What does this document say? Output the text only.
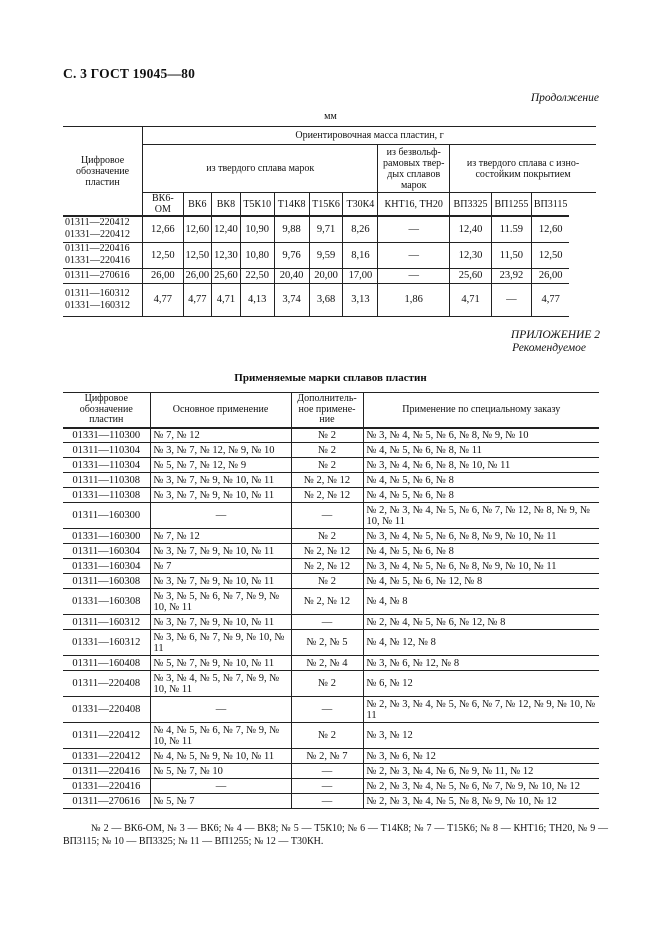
С. 3 ГОСТ 19045—80
Продолжение
мм
Цифровое обозначение пластин	Ориентировочная масса пластин, г										
	из твердого сплава марок							из безвольф-рамовых твер-дых сплавов марок	из твердого сплава с изно-состойким покрытием		
	ВК6-ОМ	ВК6	ВК8	Т5К10	Т14К8	Т15К6	Т30К4	КНТ16, ТН20	ВП3325	ВП1255	ВП3115
01311—220412
01331—220412	12,66	12,60	12,40	10,90	9,88	9,71	8,26	—	12,40	11.59	12,60
01311—220416
01331—220416	12,50	12,50	12,30	10,80	9,76	9,59	8,16	—	12,30	11,50	12,50
01311—270616	26,00	26,00	25,60	22,50	20,40	20,00	17,00	—	25,60	23,92	26,00
01311—160312
01331—160312	4,77	4,77	4,71	4,13	3,74	3,68	3,13	1,86	4,71	—	4,77
ПРИЛОЖЕНИЕ 2
Рекомендуемое
Применяемые марки сплавов пластин
Цифровое обозначение пластин	Основное применение	Дополнитель-ное примене-ние	Применение по специальному заказу
01331—110300	№ 7, № 12	№ 2	№ 3, № 4, № 5, № 6, № 8, № 9, № 10
01311—110304	№ 3, № 7, № 12, № 9, № 10	№ 2	№ 4, № 5, № 6, № 8, № 11
01331—110304	№ 5, № 7, № 12, № 9	№ 2	№ 3, № 4, № 6, № 8, № 10, № 11
01311—110308	№ 3, № 7, № 9, № 10, № 11	№ 2, № 12	№ 4, № 5, № 6, № 8
01331—110308	№ 3, № 7, № 9, № 10, № 11	№ 2, № 12	№ 4, № 5, № 6, № 8
01311—160300	—	—	№ 2, № 3, № 4, № 5, № 6, № 7, № 12, № 8, № 9, № 10, № 11
01331—160300	№ 7, № 12	№ 2	№ 3, № 4, № 5, № 6, № 8, № 9, № 10, № 11
01311—160304	№ 3, № 7, № 9, № 10, № 11	№ 2, № 12	№ 4, № 5, № 6, № 8
01331—160304	№ 7	№ 2, № 12	№ 3, № 4, № 5, № 6, № 8, № 9, № 10, № 11
01311—160308	№ 3, № 7, № 9, № 10, № 11	№ 2	№ 4, № 5, № 6, № 12, № 8
01331—160308	№ 3, № 5, № 6, № 7, № 9, № 10, № 11	№ 2, № 12	№ 4, № 8
01311—160312	№ 3, № 7, № 9, № 10, № 11	—	№ 2, № 4, № 5, № 6, № 12, № 8
01331—160312	№ 3, № 6, № 7, № 9, № 10, № 11	№ 2, № 5	№ 4, № 12, № 8
01311—160408	№ 5, № 7, № 9, № 10, № 11	№ 2, № 4	№ 3, № 6, № 12, № 8
01311—220408	№ 3, № 4, № 5, № 7, № 9, № 10, № 11	№ 2	№ 6, № 12
01331—220408	—	—	№ 2, № 3, № 4, № 5, № 6, № 7, № 12, № 9, № 10, № 11
01311—220412	№ 4, № 5, № 6, № 7, № 9, № 10, № 11	№ 2	№ 3, № 12
01331—220412	№ 4, № 5, № 9, № 10, № 11	№ 2, № 7	№ 3, № 6, № 12
01311—220416	№ 5, № 7, № 10	—	№ 2, № 3, № 4, № 6, № 9, № 11, № 12
01331—220416	—	—	№ 2, № 3, № 4, № 5, № 6, № 7, № 9, № 10, № 12
01311—270616	№ 5, № 7	—	№ 2, № 3, № 4, № 5, № 8, № 9, № 10, № 12
№ 2 — ВК6-ОМ, № 3 — ВК6; № 4 — ВК8; № 5 — Т5К10; № 6 — Т14К8; № 7 — Т15К6; № 8 — КНТ16; ТН20, № 9 — ВП3115; № 10 — ВП3325; № 11 — ВП1255; № 12 — Т30КН.
